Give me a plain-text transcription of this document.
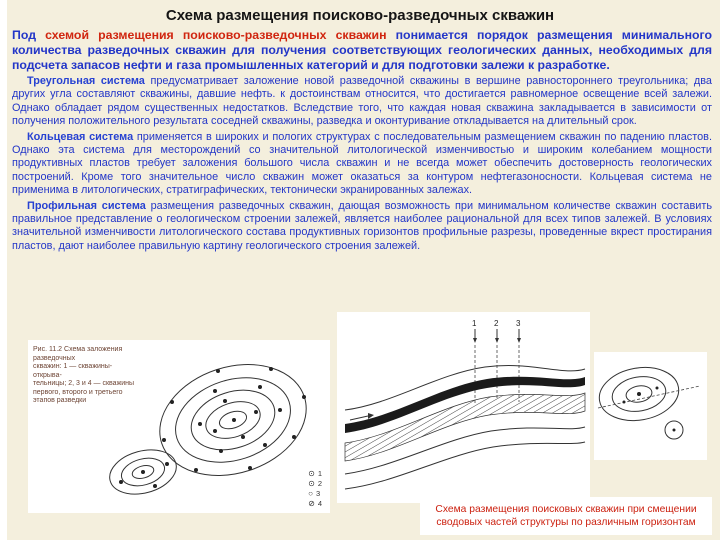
Схема размещения поисково-разведочных скважин

Под схемой размещения поисково-разведочных скважин понимается порядок размещения минимального количества разведочных скважин для получения соответствующих геологических данных, необходимых для подсчета запасов нефти и газа промышленных категорий и для подготовки залежи к разработке.

Треугольная система предусматривает заложение новой разведочной скважины в вершине равностороннего треугольника; два других угла составляют скважины, давшие нефть. к достоинствам относится, что достигается равномерное освещение всей залежи. Однако обладает рядом существенных недостатков. Вследствие того, что каждая новая скважина закладывается в зависимости от получения положительного результата соседней скважины, разведка и оконтуривание откладывается на длительный срок.

Кольцевая система применяется в широких и пологих структурах с последовательным размещением скважин по падению пластов. Однако эта система для месторождений со значительной литологической изменчивостью и широким колебанием мощности продуктивных пластов требует заложения большого числа скважин и не всегда может обеспечить достоверность геологических построений. Кроме того значительное число скважин может оказаться за контуром нефтегазоносности. Кольцевая система не применима в литологических, стратиграфических, тектонически экранированных залежах.

Профильная система размещения разведочных скважин, дающая возможность при минимальном количестве скважин составить правильное представление о геологическом строении залежей, является наиболее рациональной для всех типов залежей. В условиях значительной изменчивости литологического состава продуктивных горизонтов профильные разрезы, проведенные вкрест простирания пластов, дают наиболее правильную картину геологического строения залежей.

Рис. 11.2 Схема заложения разведочных
скважин: 1 — скважины-открыва-
тельницы; 2, 3 и 4 — скважины
первого, второго и третьего
этапов разведки
⊙ 1
⊙ 2
○ 3
⊘ 4
1 2 3
Схема размещения поисковых скважин при смещении сводовых частей структуры по различным горизонтам
